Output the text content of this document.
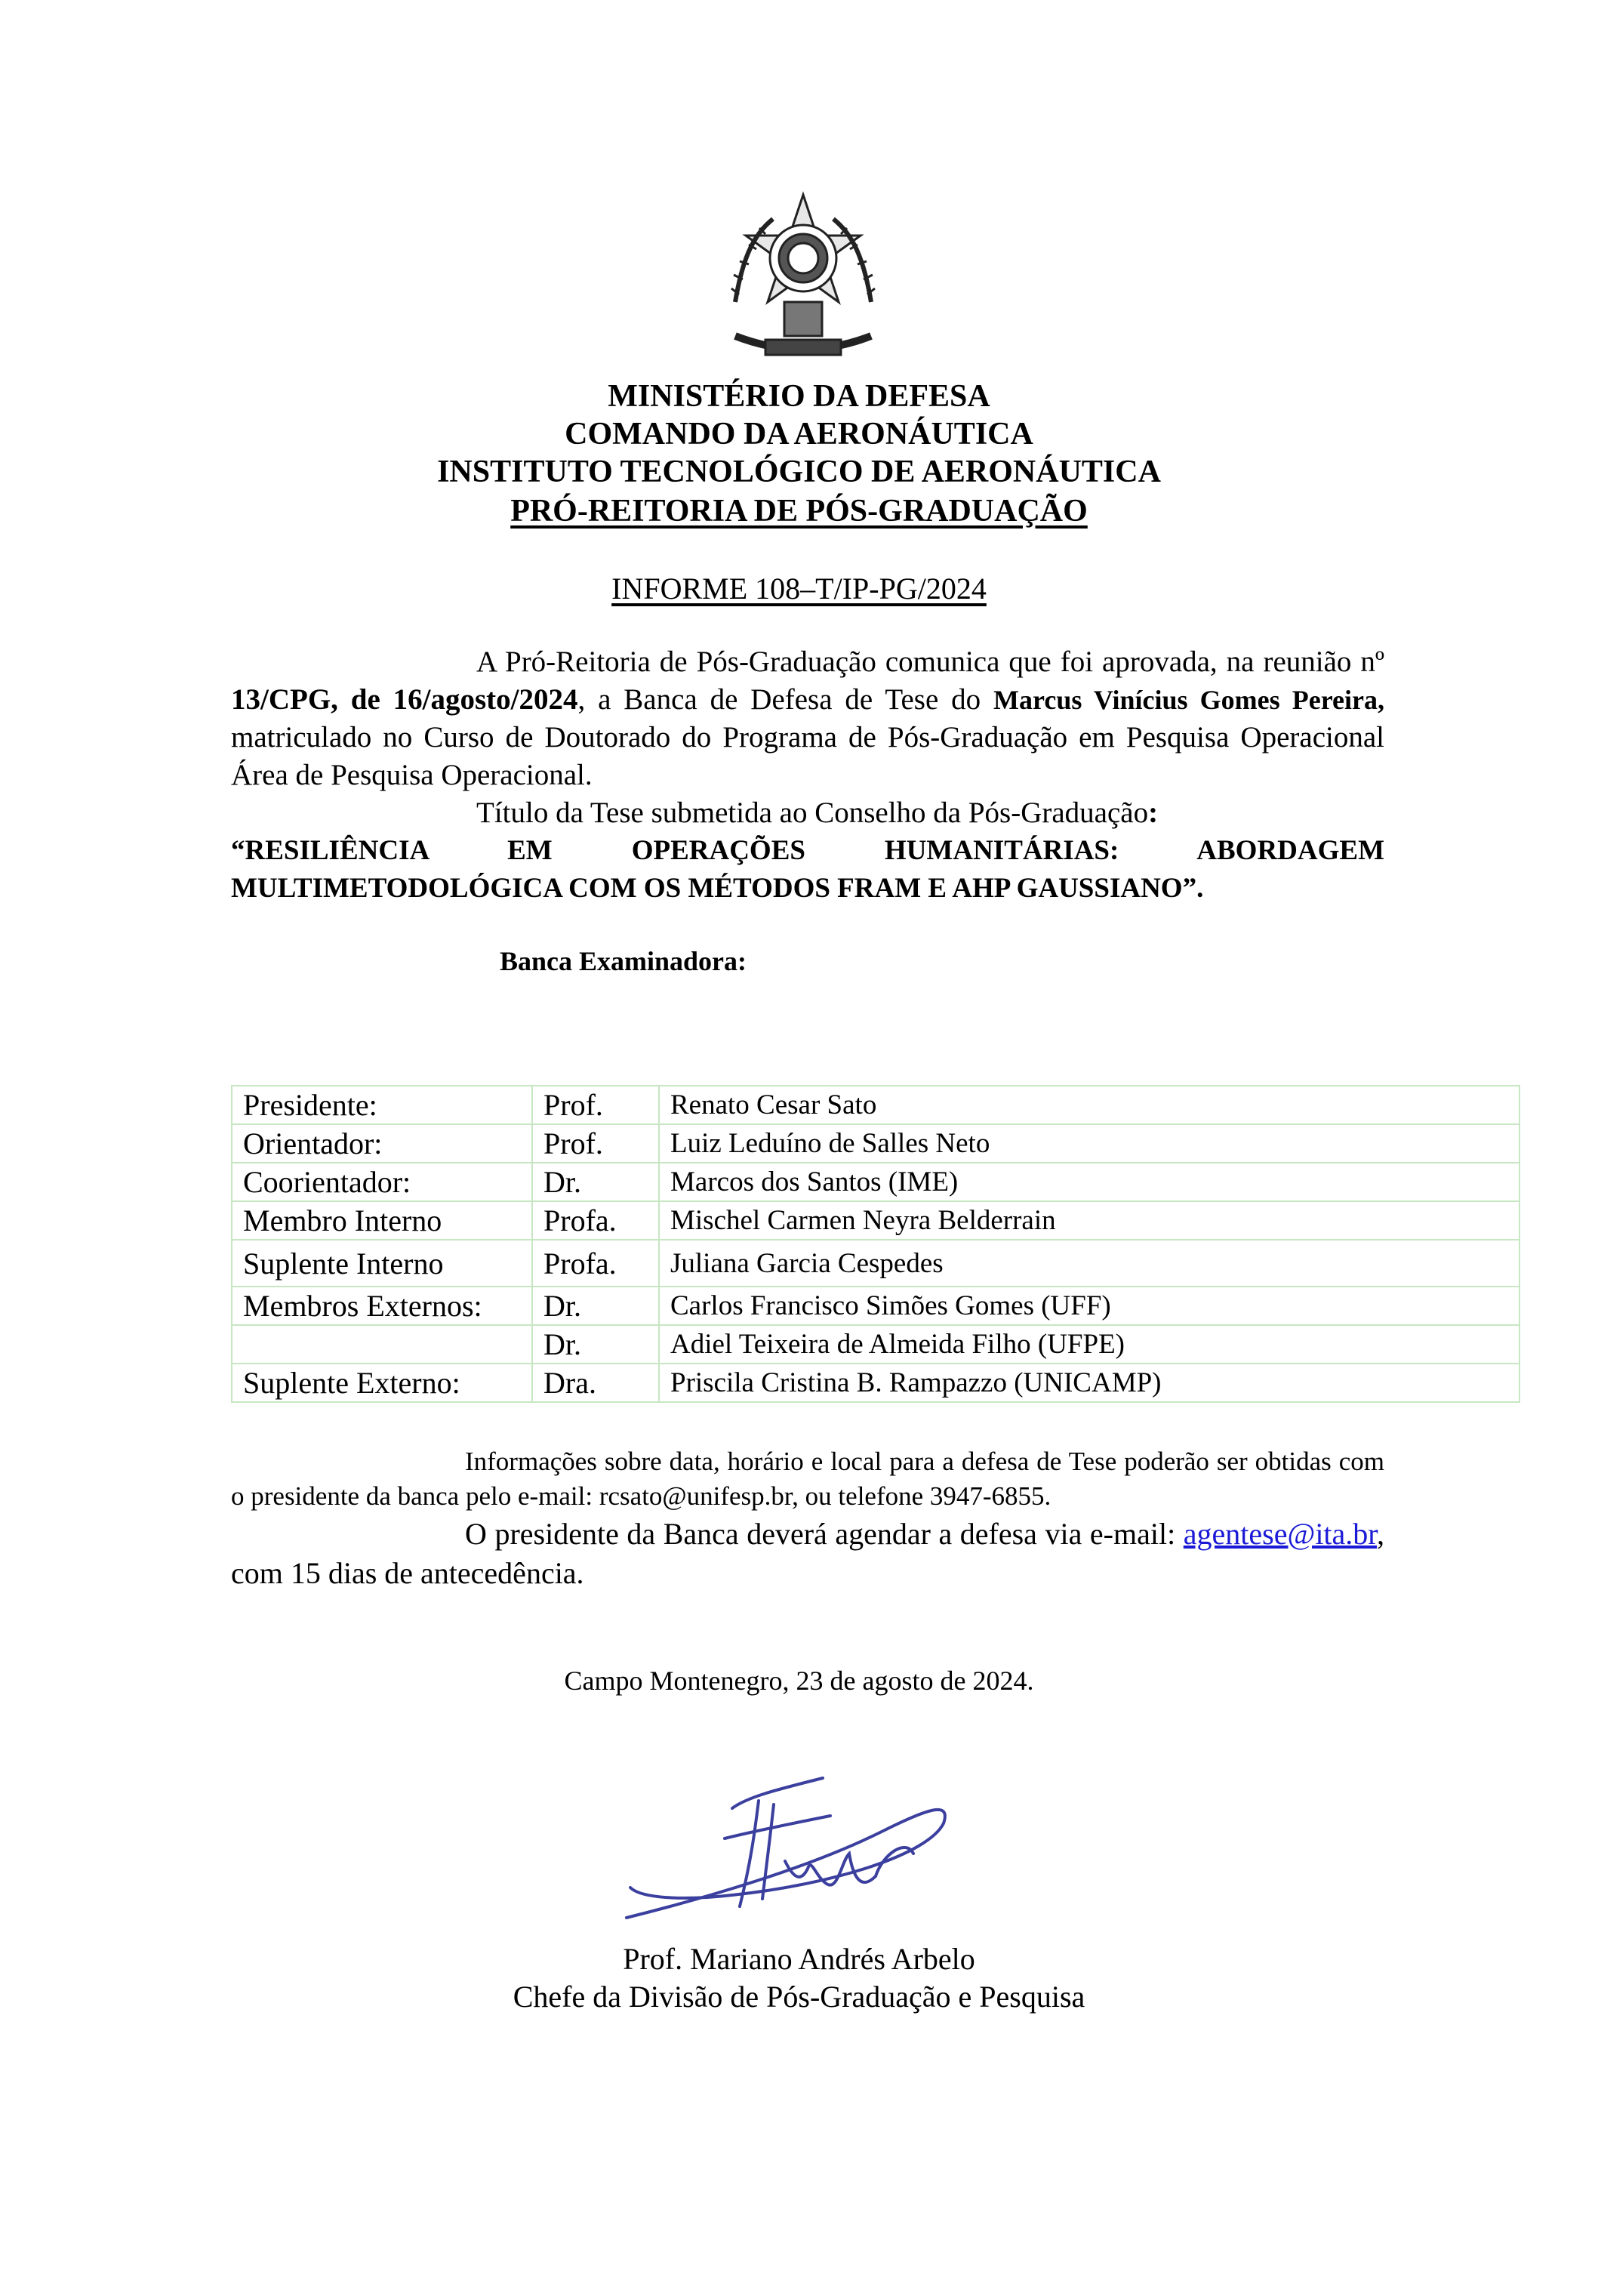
MINISTÉRIO DA DEFESA
COMANDO DA AERONÁUTICA
INSTITUTO TECNOLÓGICO DE AERONÁUTICA
PRÓ-REITORIA DE PÓS-GRADUAÇÃO
INFORME 108–T/IP-PG/2024
A Pró-Reitoria de Pós-Graduação comunica que foi aprovada, na reunião nº 13/CPG, de 16/agosto/2024, a Banca de Defesa de Tese do Marcus Vinícius Gomes Pereira, matriculado no Curso de Doutorado do Programa de Pós-Graduação em Pesquisa Operacional Área de Pesquisa Operacional.
Título da Tese submetida ao Conselho da Pós-Graduação:
“RESILIÊNCIA EM OPERAÇÕES HUMANITÁRIAS: ABORDAGEM MULTIMETODOLÓGICA COM OS MÉTODOS FRAM E AHP GAUSSIANO”.
Banca Examinadora:
Presidente:	Prof.	Renato Cesar Sato
Orientador:	Prof.	Luiz Leduíno de Salles Neto
Coorientador:	Dr.	Marcos dos Santos (IME)
Membro Interno	Profa.	Mischel Carmen Neyra Belderrain
Suplente Interno	Profa.	Juliana Garcia Cespedes
Membros Externos:	Dr.	Carlos Francisco Simões Gomes (UFF)
	Dr.	Adiel Teixeira de Almeida Filho (UFPE)
Suplente Externo:	Dra.	Priscila Cristina B. Rampazzo (UNICAMP)
Informações sobre data, horário e local para a defesa de Tese poderão ser obtidas com o presidente da banca pelo e-mail: rcsato@unifesp.br, ou telefone 3947-6855.
O presidente da Banca deverá agendar a defesa via e-mail: agentese@ita.br, com 15 dias de antecedência.
Campo Montenegro, 23 de agosto de 2024.
Prof. Mariano Andrés Arbelo
Chefe da Divisão de Pós-Graduação e Pesquisa
